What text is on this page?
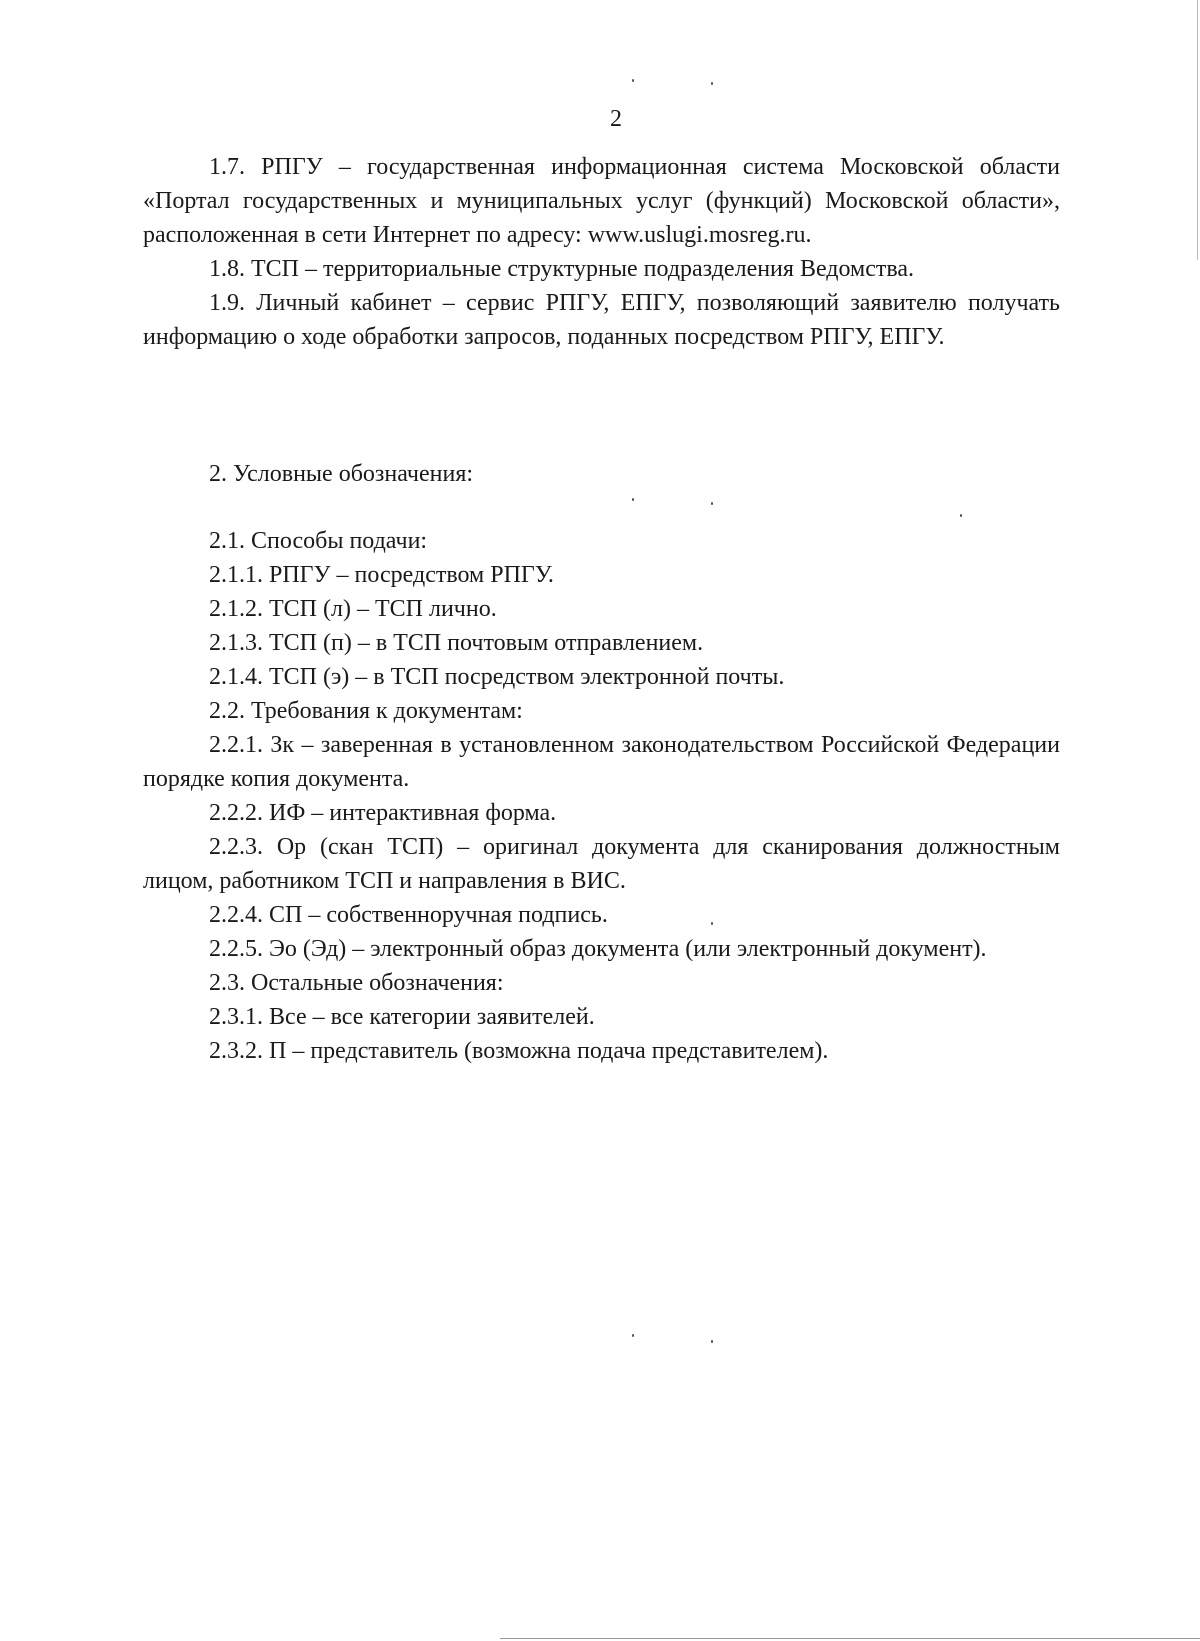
2

1.7. РПГУ – государственная информационная система Московской области «Портал государственных и муниципальных услуг (функций) Московской области», расположенная в сети Интернет по адресу: www.uslugi.mosreg.ru.

1.8. ТСП – территориальные структурные подразделения Ведомства.

1.9. Личный кабинет – сервис РПГУ, ЕПГУ, позволяющий заявителю получать информацию о ходе обработки запросов, поданных посредством РПГУ, ЕПГУ.

2. Условные обозначения:

2.1. Способы подачи:

2.1.1. РПГУ – посредством РПГУ.

2.1.2. ТСП (л) – ТСП лично.

2.1.3. ТСП (п) – в ТСП почтовым отправлением.

2.1.4. ТСП (э) – в ТСП посредством электронной почты.

2.2. Требования к документам:

2.2.1. Зк – заверенная в установленном законодательством Российской Федерации порядке копия документа.

2.2.2. ИФ – интерактивная форма.

2.2.3. Ор (скан ТСП) – оригинал документа для сканирования должностным лицом, работником ТСП и направления в ВИС.

2.2.4. СП – собственноручная подпись.

2.2.5. Эо (Эд) – электронный образ документа (или электронный документ).

2.3. Остальные обозначения:

2.3.1. Все – все категории заявителей.

2.3.2. П – представитель (возможна подача представителем).
